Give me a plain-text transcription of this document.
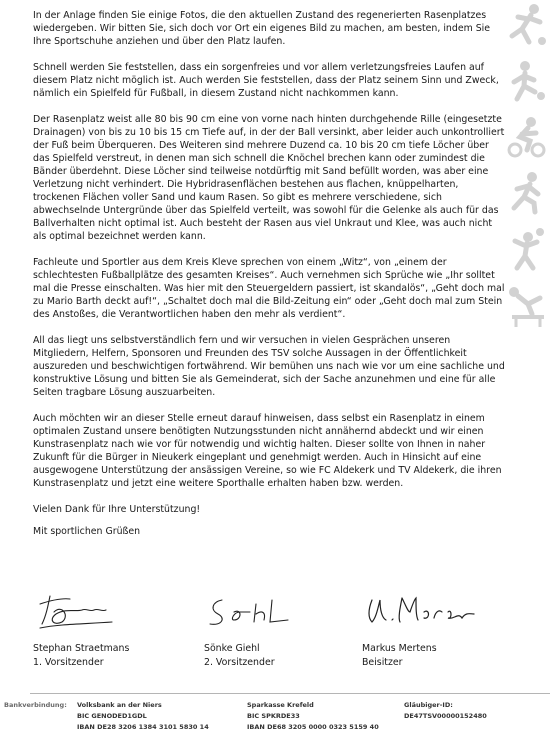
In der Anlage finden Sie einige Fotos, die den aktuellen Zustand des regenerierten Rasenplatzes wiedergeben. Wir bitten Sie, sich doch vor Ort ein eigenes Bild zu machen, am besten, indem Sie Ihre Sportschuhe anziehen und über den Platz laufen.

Schnell werden Sie feststellen, dass ein sorgenfreies und vor allem verletzungsfreies Laufen auf diesem Platz nicht möglich ist. Auch werden Sie feststellen, dass der Platz seinem Sinn und Zweck, nämlich ein Spielfeld für Fußball, in diesem Zustand nicht nachkommen kann.

Der Rasenplatz weist alle 80 bis 90 cm eine von vorne nach hinten durchgehende Rille (eingesetzte Drainagen) von bis zu 10 bis 15 cm Tiefe auf, in der der Ball versinkt, aber leider auch unkontrolliert der Fuß beim Überqueren. Des Weiteren sind mehrere Duzend ca. 10 bis 20 cm tiefe Löcher über das Spielfeld verstreut, in denen man sich schnell die Knöchel brechen kann oder zumindest die Bänder überdehnt. Diese Löcher sind teilweise notdürftig mit Sand befüllt worden, was aber eine Verletzung nicht verhindert. Die Hybridrasenflächen bestehen aus flachen, knüppelharten, trockenen Flächen voller Sand und kaum Rasen. So gibt es mehrere verschiedene, sich abwechselnde Untergründe über das Spielfeld verteilt, was sowohl für die Gelenke als auch für das Ballverhalten nicht optimal ist. Auch besteht der Rasen aus viel Unkraut und Klee, was auch nicht als optimal bezeichnet werden kann.

Fachleute und Sportler aus dem Kreis Kleve sprechen von einem „Witz“, von „einem der schlechtesten Fußballplätze des gesamten Kreises“. Auch vernehmen sich Sprüche wie „Ihr solltet mal die Presse einschalten. Was hier mit den Steuergeldern passiert, ist skandalös“, „Geht doch mal zu Mario Barth deckt auf!“, „Schaltet doch mal die Bild-Zeitung ein“ oder „Geht doch mal zum Stein des Anstoßes, die Verantwortlichen haben den mehr als verdient“.

All das liegt uns selbstverständlich fern und wir versuchen in vielen Gesprächen unseren Mitgliedern, Helfern, Sponsoren und Freunden des TSV solche Aussagen in der Öffentlichkeit auszureden und beschwichtigen fortwährend. Wir bemühen uns nach wie vor um eine sachliche und konstruktive Lösung und bitten Sie als Gemeinderat, sich der Sache anzunehmen und eine für alle Seiten tragbare Lösung auszuarbeiten.

Auch möchten wir an dieser Stelle erneut darauf hinweisen, dass selbst ein Rasenplatz in einem optimalen Zustand unsere benötigten Nutzungsstunden nicht annähernd abdeckt und wir einen Kunstrasenplatz nach wie vor für notwendig und wichtig halten. Dieser sollte von Ihnen in naher Zukunft für die Bürger in Nieukerk eingeplant und genehmigt werden. Auch in Hinsicht auf eine ausgewogene Unterstützung der ansässigen Vereine, so wie FC Aldekerk und TV Aldekerk, die ihren Kunstrasenplatz und jetzt eine weitere Sporthalle erhalten haben bzw. werden.

Vielen Dank für Ihre Unterstützung!

Mit sportlichen Grüßen

Stephan Straetmans
1. Vorsitzender
Sönke Giehl
2. Vorsitzender
Markus Mertens
Beisitzer
Bankverbindung: Volksbank an der Niers
BIC GENODED1GDL
IBAN DE28 3206 1384 3101 5830 14
Sparkasse Krefeld
BIC SPKRDE33
IBAN DE68 3205 0000 0323 5159 40
Gläubiger-ID:
DE47TSV00000152480
